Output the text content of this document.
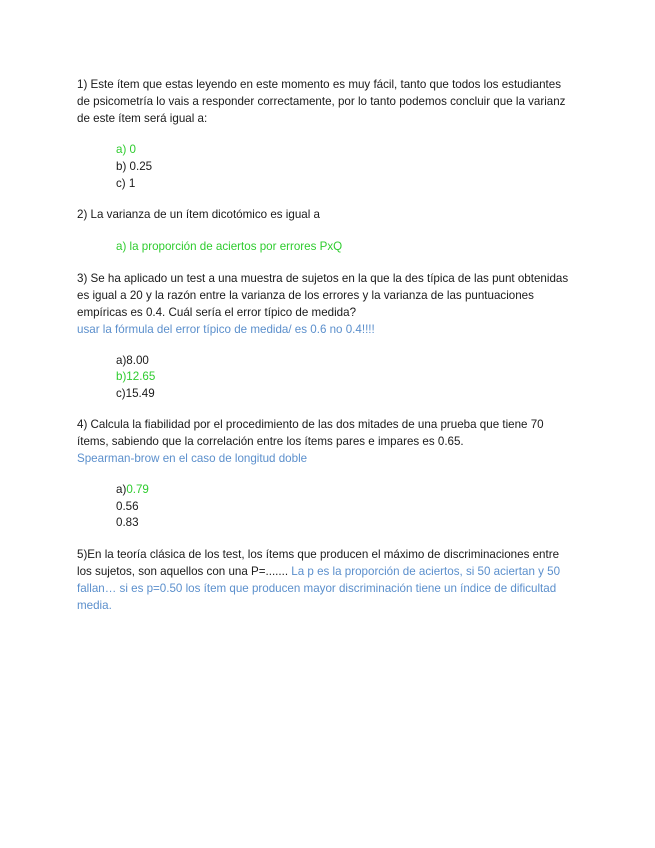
1) Este ítem que estas leyendo en este momento es muy fácil, tanto que todos los estudiantes
de psicometría lo vais a responder correctamente, por lo tanto podemos concluir que la varianz
de este ítem será igual a:
a) 0
b) 0.25
c) 1
2) La varianza de un ítem dicotómico es igual a
a) la proporción de aciertos por errores PxQ
3) Se ha aplicado un test a una muestra de sujetos en la que la des típica de las punt obtenidas
es igual a 20 y la razón entre la varianza de los errores y la varianza de las puntuaciones
empíricas es 0.4. Cuál sería el error típico de medida?
usar la fórmula del error típico de medida/ es 0.6 no 0.4!!!!
a)8.00
b)12.65
c)15.49
4) Calcula la fiabilidad por el procedimiento de las dos mitades de una prueba que tiene 70
ítems, sabiendo que la correlación entre los ítems pares e impares es 0.65.
Spearman-brow en el caso de longitud doble
a)0.79
0.56
0.83
5)En la teoría clásica de los test, los ítems que producen el máximo de discriminaciones entre
los sujetos, son aquellos con una P=....... La p es la proporción de aciertos, si 50 aciertan y 50
fallan… si es p=0.50 los ítem que producen mayor discriminación tiene un índice de dificultad
media.
